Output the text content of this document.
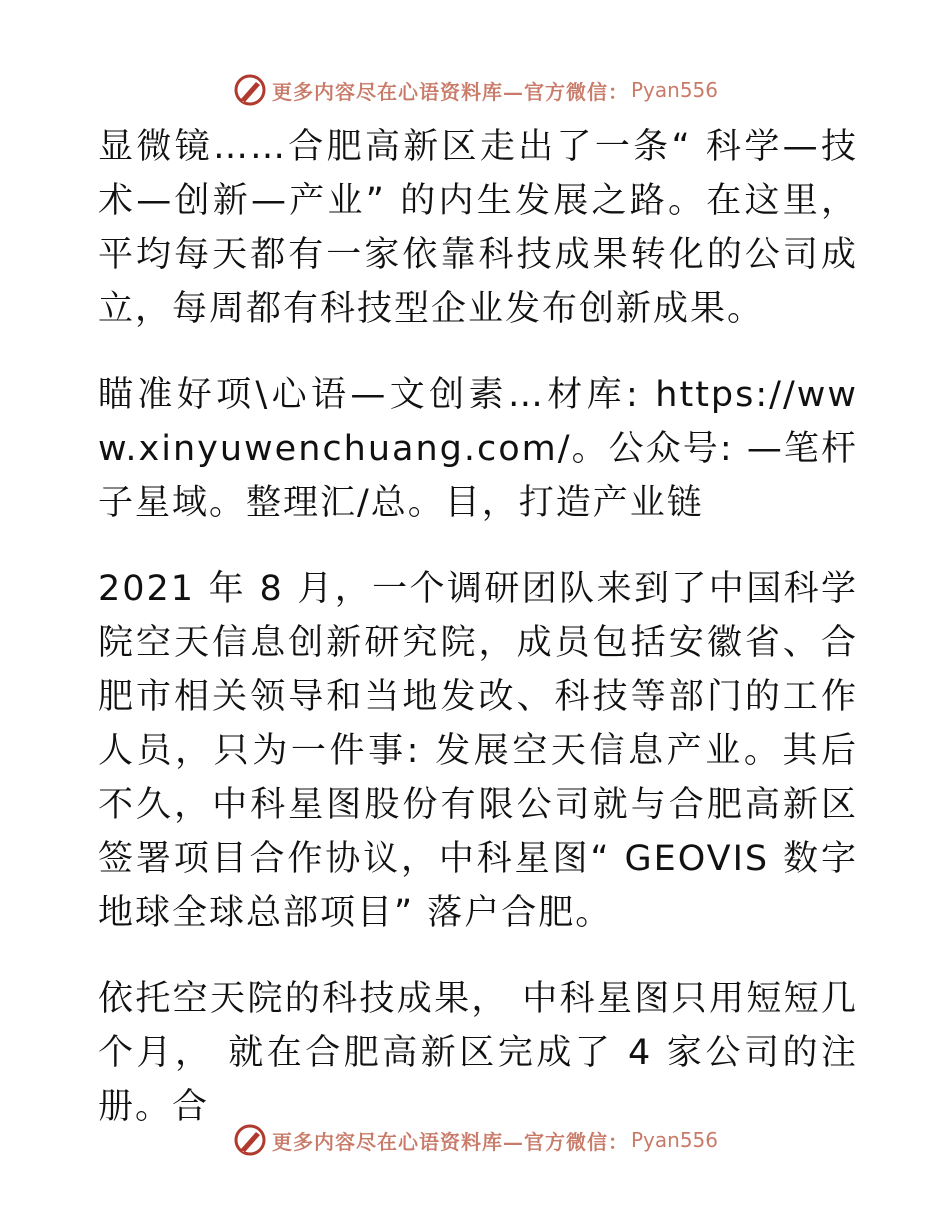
更多内容尽在心语资料库—官方微信： Pyan556

显微镜……合肥高新区走出了一条“ 科学—技术—创新—产业” 的内生发展之路。在这里，平均每天都有一家依靠科技成果转化的公司成立，每周都有科技型企业发布创新成果。

瞄准好项\心语—文创素…材库: https://www.xinyuwenchuang.com/。公众号: —笔杆子星域。整理汇/总。目，打造产业链

2021 年 8 月，一个调研团队来到了中国科学院空天信息创新研究院，成员包括安徽省、合肥市相关领导和当地发改、科技等部门的工作人员，只为一件事: 发展空天信息产业。其后不久，中科星图股份有限公司就与合肥高新区签署项目合作协议，中科星图“ GEOVIS 数字地球全球总部项目” 落户合肥。

依托空天院的科技成果， 中科星图只用短短几个月， 就在合肥高新区完成了 4 家公司的注册。合

更多内容尽在心语资料库—官方微信： Pyan556
